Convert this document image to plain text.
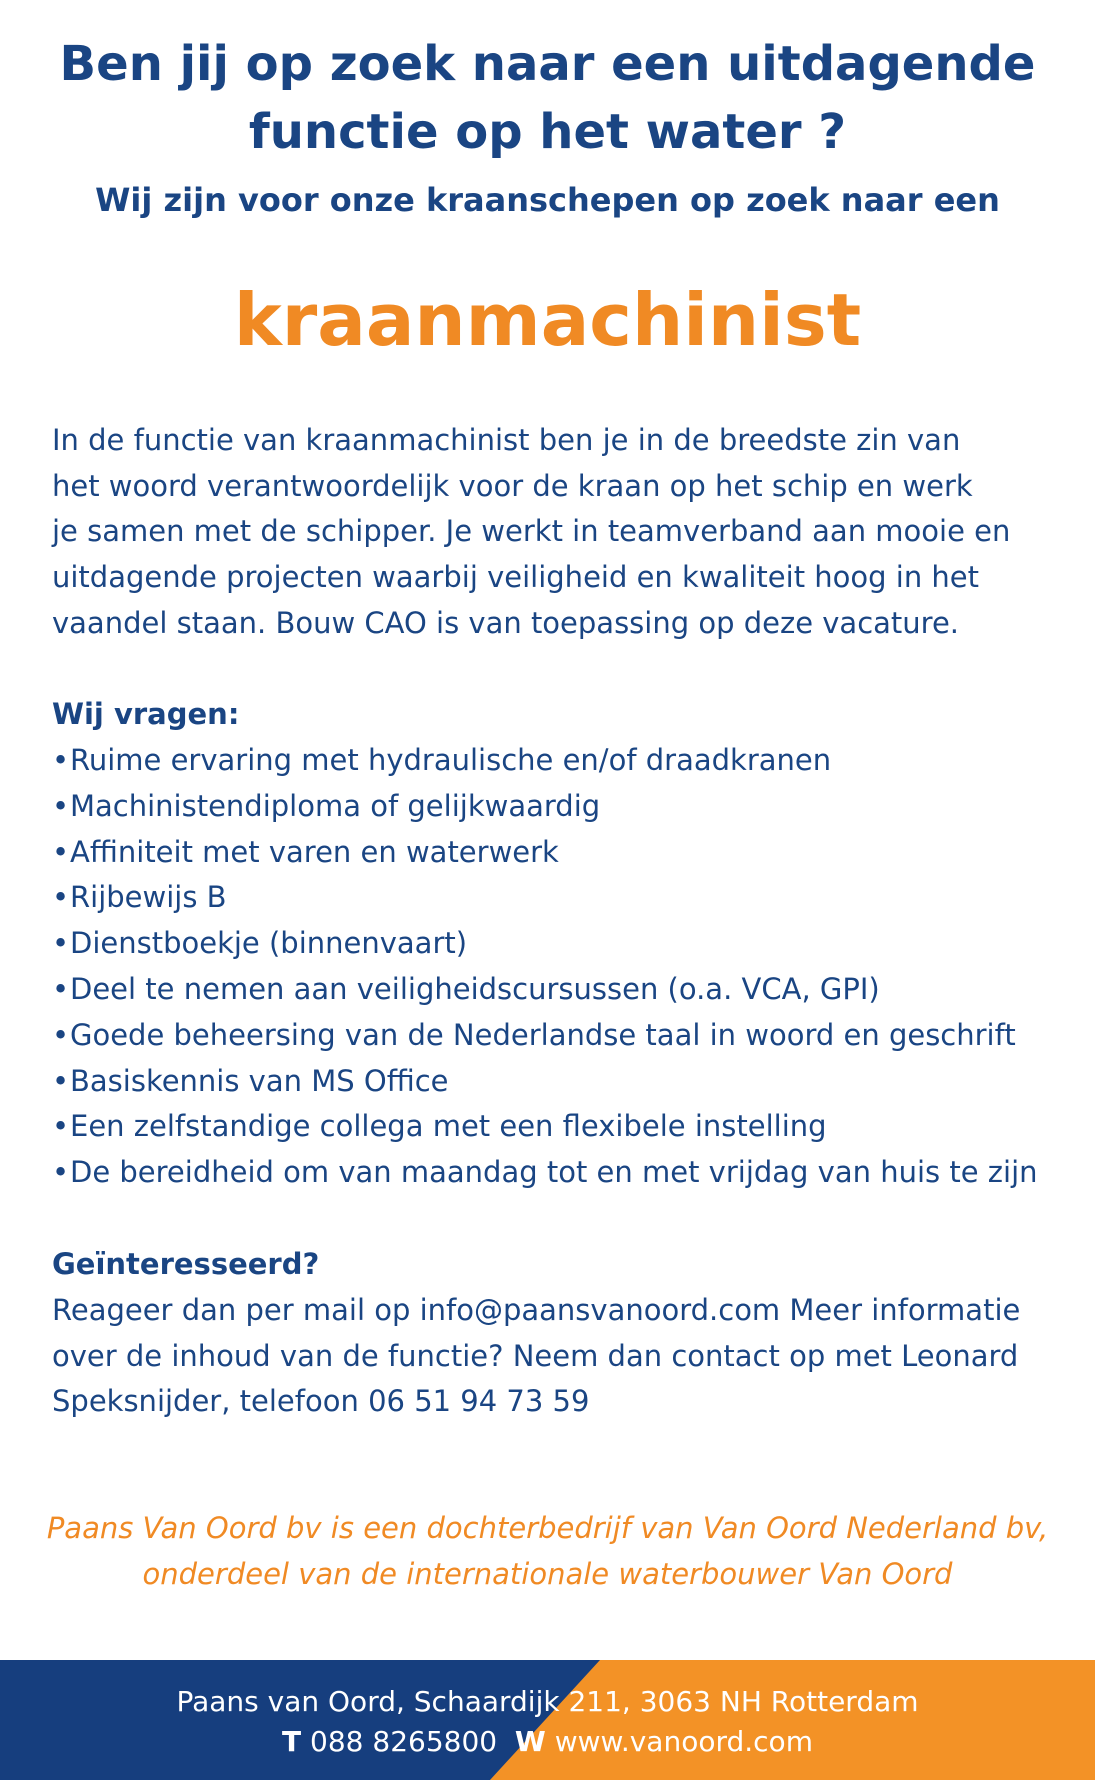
Ben jij op zoek naar een uitdagende
functie op het water ?
Wij zijn voor onze kraanschepen op zoek naar een
kraanmachinist

In de functie van kraanmachinist ben je in de breedste zin van
het woord verantwoordelijk voor de kraan op het schip en werk
je samen met de schipper. Je werkt in teamverband aan mooie en
uitdagende projecten waarbij veiligheid en kwaliteit hoog in het
vaandel staan. Bouw CAO is van toepassing op deze vacature.

Wij vragen:
•Ruime ervaring met hydraulische en/of draadkranen
•Machinistendiploma of gelijkwaardig
•Affiniteit met varen en waterwerk
•Rijbewijs B
•Dienstboekje (binnenvaart)
•Deel te nemen aan veiligheidscursussen (o.a. VCA, GPI)
•Goede beheersing van de Nederlandse taal in woord en geschrift
•Basiskennis van MS Office
•Een zelfstandige collega met een flexibele instelling
•De bereidheid om van maandag tot en met vrijdag van huis te zijn
Geïnteresseerd?

Reageer dan per mail op info@paansvanoord.com Meer informatie
over de inhoud van de functie? Neem dan contact op met Leonard
Speksnijder, telefoon 06 51 94 73 59

Paans Van Oord bv is een dochterbedrijf van Van Oord Nederland bv,
onderdeel van de internationale waterbouwer Van Oord

Paans van Oord, Schaardijk 211, 3063 NH Rotterdam
T 088 8265800 W www.vanoord.com
